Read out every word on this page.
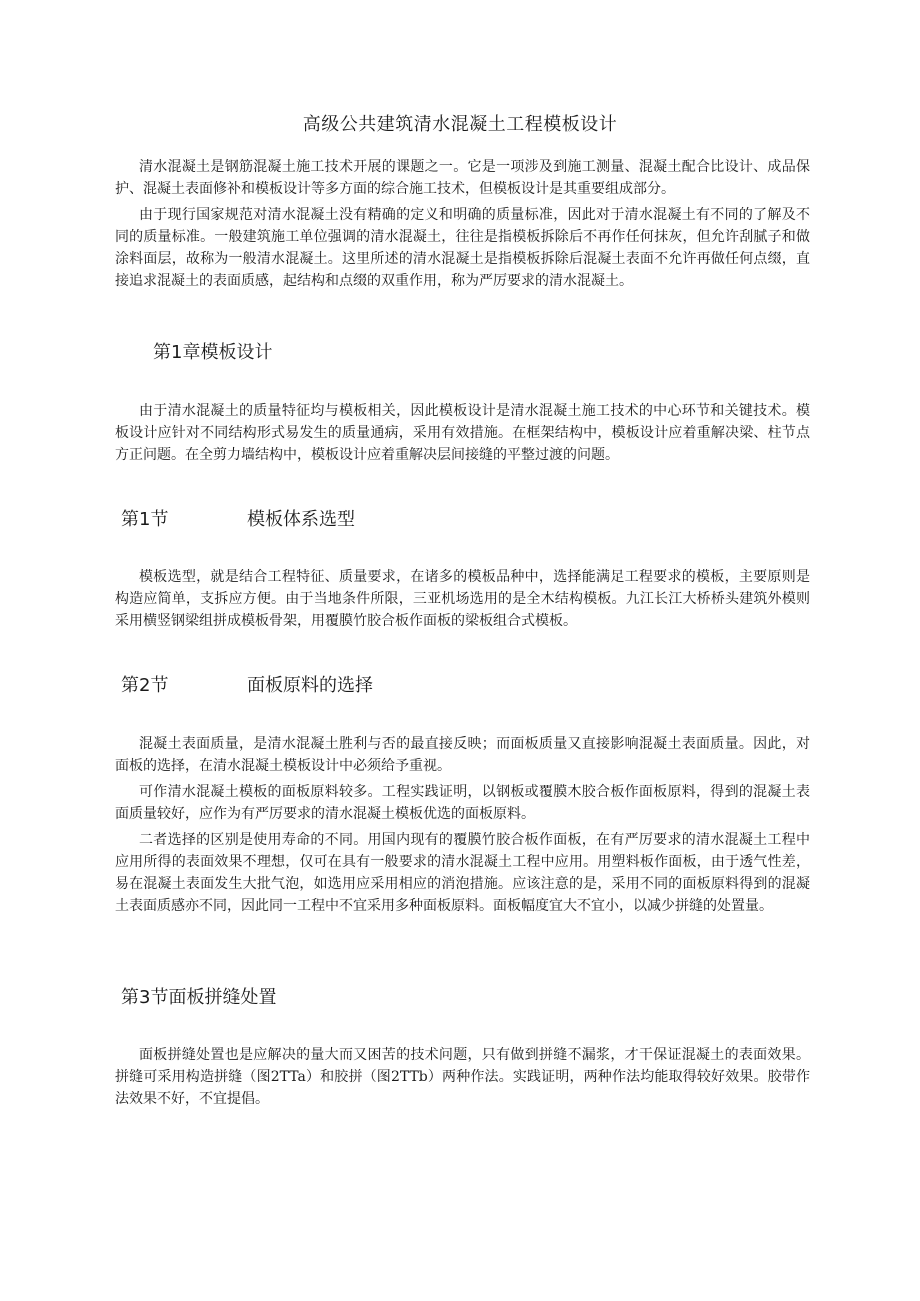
高级公共建筑清水混凝土工程模板设计

清水混凝土是钢筋混凝土施工技术开展的课题之一。它是一项涉及到施工测量、混凝土配合比设计、成品保护、混凝土表面修补和模板设计等多方面的综合施工技术，但模板设计是其重要组成部分。

由于现行国家规范对清水混凝土没有精确的定义和明确的质量标准，因此对于清水混凝土有不同的了解及不同的质量标准。一般建筑施工单位强调的清水混凝土，往往是指模板拆除后不再作任何抹灰，但允许刮腻子和做涂料面层，故称为一般清水混凝土。这里所述的清水混凝土是指模板拆除后混凝土表面不允许再做任何点缀，直接追求混凝土的表面质感，起结构和点缀的双重作用，称为严厉要求的清水混凝土。

第1章模板设计

由于清水混凝土的质量特征均与模板相关，因此模板设计是清水混凝土施工技术的中心环节和关键技术。模板设计应针对不同结构形式易发生的质量通病，采用有效措施。在框架结构中，模板设计应着重解决梁、柱节点方正问题。在全剪力墙结构中，模板设计应着重解决层间接缝的平整过渡的问题。

第1节	模板体系选型

模板选型，就是结合工程特征、质量要求，在诸多的模板品种中，选择能满足工程要求的模板，主要原则是构造应简单，支拆应方便。由于当地条件所限，三亚机场选用的是全木结构模板。九江长江大桥桥头建筑外模则采用横竖钢梁组拼成模板骨架，用覆膜竹胶合板作面板的梁板组合式模板。

第2节	面板原料的选择

混凝土表面质量，是清水混凝土胜利与否的最直接反映；而面板质量又直接影响混凝土表面质量。因此，对面板的选择，在清水混凝土模板设计中必须给予重视。

可作清水混凝土模板的面板原料较多。工程实践证明，以钢板或覆膜木胶合板作面板原料，得到的混凝土表面质量较好，应作为有严厉要求的清水混凝土模板优选的面板原料。

二者选择的区别是使用寿命的不同。用国内现有的覆膜竹胶合板作面板，在有严厉要求的清水混凝土工程中应用所得的表面效果不理想，仅可在具有一般要求的清水混凝土工程中应用。用塑料板作面板，由于透气性差，易在混凝土表面发生大批气泡，如选用应采用相应的消泡措施。应该注意的是，采用不同的面板原料得到的混凝土表面质感亦不同，因此同一工程中不宜采用多种面板原料。面板幅度宜大不宜小，以减少拼缝的处置量。

第3节面板拼缝处置

面板拼缝处置也是应解决的量大而又困苦的技术问题，只有做到拼缝不漏浆，才干保证混凝土的表面效果。拼缝可采用构造拼缝（图2TTa）和胶拼（图2TTb）两种作法。实践证明，两种作法均能取得较好效果。胶带作法效果不好，不宜提倡。
